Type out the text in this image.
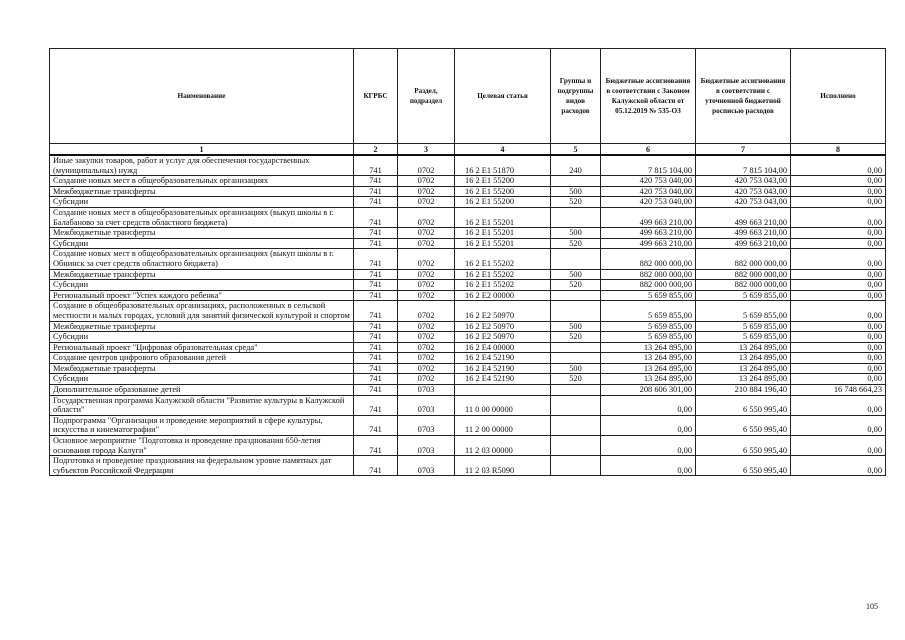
Наименование	КГРБС	Раздел, подраздел	Целевая статья	Группы и подгруппы видов расходов	Бюджетные ассигнования в соответствии с Законом Калужской области от 05.12.2019 № 535-ОЗ	Бюджетные ассигнования в соответствии с уточненной бюджетной росписью расходов	Исполнено
1	2	3	4	5	6	7	8
Иные закупки товаров, работ и услуг для обеспечения государственных (муниципальных) нужд	741	0702	16 2 E1 51870	240	7 815 104,00	7 815 104,00	0,00
Создание новых мест в общеобразовательных организациях	741	0702	16 2 E1 55200		420 753 040,00	420 753 043,00	0,00
Межбюджетные трансферты	741	0702	16 2 E1 55200	500	420 753 040,00	420 753 043,00	0,00
Субсидии	741	0702	16 2 E1 55200	520	420 753 040,00	420 753 043,00	0,00
Создание новых мест в общеобразовательных организациях (выкуп школы в г. Балабаново за счет средств областного бюджета)	741	0702	16 2 E1 55201		499 663 210,00	499 663 210,00	0,00
Межбюджетные трансферты	741	0702	16 2 E1 55201	500	499 663 210,00	499 663 210,00	0,00
Субсидии	741	0702	16 2 E1 55201	520	499 663 210,00	499 663 210,00	0,00
Создание новых мест в общеобразовательных организациях (выкуп школы в г. Обнинск за счет средств областного бюджета)	741	0702	16 2 E1 55202		882 000 000,00	882 000 000,00	0,00
Межбюджетные трансферты	741	0702	16 2 E1 55202	500	882 000 000,00	882 000 000,00	0,00
Субсидии	741	0702	16 2 E1 55202	520	882 000 000,00	882 000 000,00	0,00
Региональный проект "Успех каждого ребенка"	741	0702	16 2 E2 00000		5 659 855,00	5 659 855,00	0,00
Создание в общеобразовательных организациях, расположенных в сельской местности и малых городах, условий для занятий физической культурой и спортом	741	0702	16 2 E2 50970		5 659 855,00	5 659 855,00	0,00
Межбюджетные трансферты	741	0702	16 2 E2 50970	500	5 659 855,00	5 659 855,00	0,00
Субсидии	741	0702	16 2 E2 50970	520	5 659 855,00	5 659 855,00	0,00
Региональный проект "Цифровая образовательная среда"	741	0702	16 2 E4 00000		13 264 895,00	13 264 895,00	0,00
Создание центров цифрового образования детей	741	0702	16 2 E4 52190		13 264 895,00	13 264 895,00	0,00
Межбюджетные трансферты	741	0702	16 2 E4 52190	500	13 264 895,00	13 264 895,00	0,00
Субсидии	741	0702	16 2 E4 52190	520	13 264 895,00	13 264 895,00	0,00
Дополнительное образование детей	741	0703			208 606 301,00	210 884 196,40	16 748 664,23
Государственная программа Калужской области "Развитие культуры в Калужской области"	741	0703	11 0 00 00000		0,00	6 550 995,40	0,00
Подпрограмма "Организация и проведение мероприятий в сфере культуры, искусства и кинематографии"	741	0703	11 2 00 00000		0,00	6 550 995,40	0,00
Основное мероприятие "Подготовка и проведение празднования 650-летия основания города Калуги"	741	0703	11 2 03 00000		0,00	6 550 995,40	0,00
Подготовка и проведение празднования на федеральном уровне памятных дат субъектов Российской Федерации	741	0703	11 2 03 R5090		0,00	6 550 995,40	0,00
105
